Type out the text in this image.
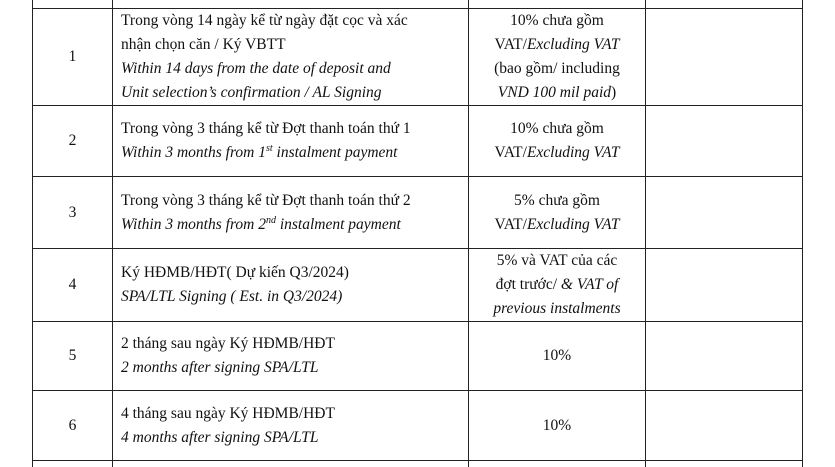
1	Trong vòng 14 ngày kể từ ngày đặt cọc và xác
nhận chọn căn / Ký VBTT
Within 14 days from the date of deposit and
Unit selection’s confirmation / AL Signing	10% chưa gồm
VAT/Excluding VAT
(bao gồm/ including
VND 100 mil paid)	

2	Trong vòng 3 tháng kể từ Đợt thanh toán thứ 1
Within 3 months from 1st instalment payment	10% chưa gồm
VAT/Excluding VAT	

3	Trong vòng 3 tháng kể từ Đợt thanh toán thứ 2
Within 3 months from 2nd instalment payment	5% chưa gồm
VAT/Excluding VAT	

4	Ký HĐMB/HĐT( Dự kiến Q3/2024)
SPA/LTL Signing ( Est. in Q3/2024)	5% và VAT của các
đợt trước/ & VAT of
previous instalments	

5	2 tháng sau ngày Ký HĐMB/HĐT
2 months after signing SPA/LTL	10%	
6	4 tháng sau ngày Ký HĐMB/HĐT
4 months after signing SPA/LTL	10%	
